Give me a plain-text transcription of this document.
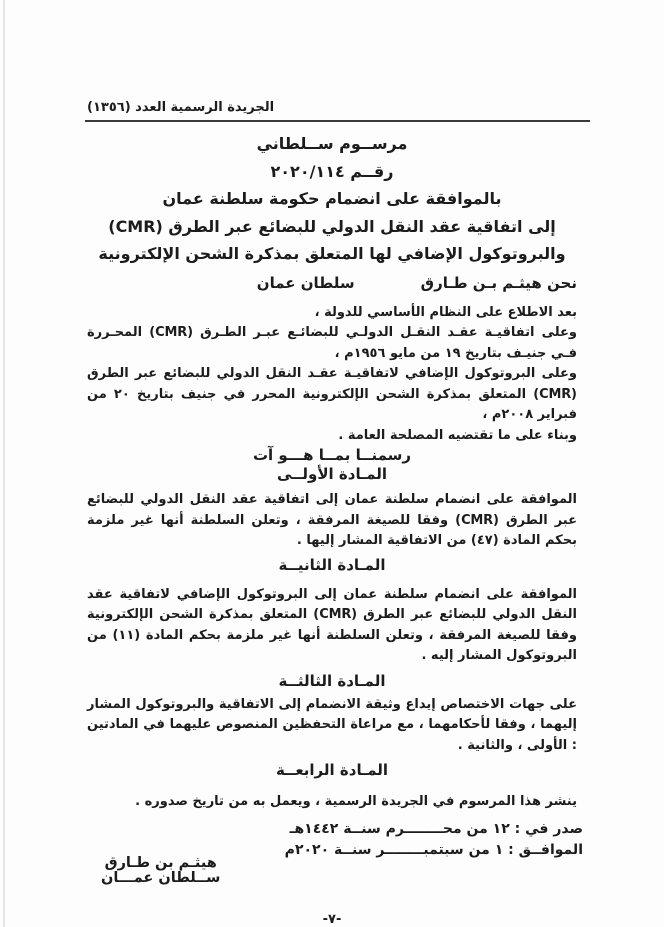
الجريدة الرسمية العدد (١٣٥٦)
مرســوم ســلطاني
رقــم ٢٠٢٠/١١٤
بالموافقة على انضمام حكومة سلطنة عمان
إلى اتفاقية عقد النقل الدولي للبضائع عبر الطرق (CMR)
والبروتوكول الإضافي لها المتعلق بمذكرة الشحن الإلكترونية
نحن هيثـم بـن طـارق
سلطان عمان

بعد الاطلاع على النظام الأساسي للدولة ،

وعلى اتفاقيـة عقـد النقـل الدولـي للبضائـع عبـر الطـرق (CMR) المحـررة فـي جنيـف بتاريخ ١٩ من مايو ١٩٥٦م ،

وعلى البروتوكول الإضافي لاتفاقيـة عقـد النقل الدولي للبضائع عبر الطرق (CMR) المتعلق بمذكرة الشحن الإلكترونية المحرر في جنيف بتاريخ ٢٠ من فبراير ٢٠٠٨م ،

وبناء على ما تقتضيه المصلحة العامة .

رسمنــا بمــا هـــو آت
المـادة الأولــى

الموافقة على انضمام سلطنة عمان إلى اتفاقية عقد النقل الدولي للبضائع عبر الطرق (CMR) وفقا للصيغة المرفقة ، وتعلن السلطنة أنها غير ملزمة بحكم المادة (٤٧) من الاتفاقية المشار إليها .

المـادة الثانيــة

الموافقة على انضمام سلطنة عمان إلى البروتوكول الإضافي لاتفاقية عقد النقل الدولي للبضائع عبر الطرق (CMR) المتعلق بمذكرة الشحن الإلكترونية وفقا للصيغة المرفقة ، وتعلن السلطنة أنها غير ملزمة بحكم المادة (١١) من البروتوكول المشار إليه .

المـادة الثالثــة

على جهات الاختصاص إيداع وثيقة الانضمام إلى الاتفاقية والبروتوكول المشار إليهما ، وفقا لأحكامهما ، مع مراعاة التحفظين المنصوص عليهما في المادتين : الأولى ، والثانية .

المـادة الرابعــة

ينشر هذا المرسوم في الجريدة الرسمية ، ويعمل به من تاريخ صدوره .

صدر في : ١٢ من محــــــــرم سنــة ١٤٤٢هـ
الموافــق : ١ من سبتمبــــــــر سنــة ٢٠٢٠م
هيثـم بن طـارق
ســلطان عمـــان
-٧-
